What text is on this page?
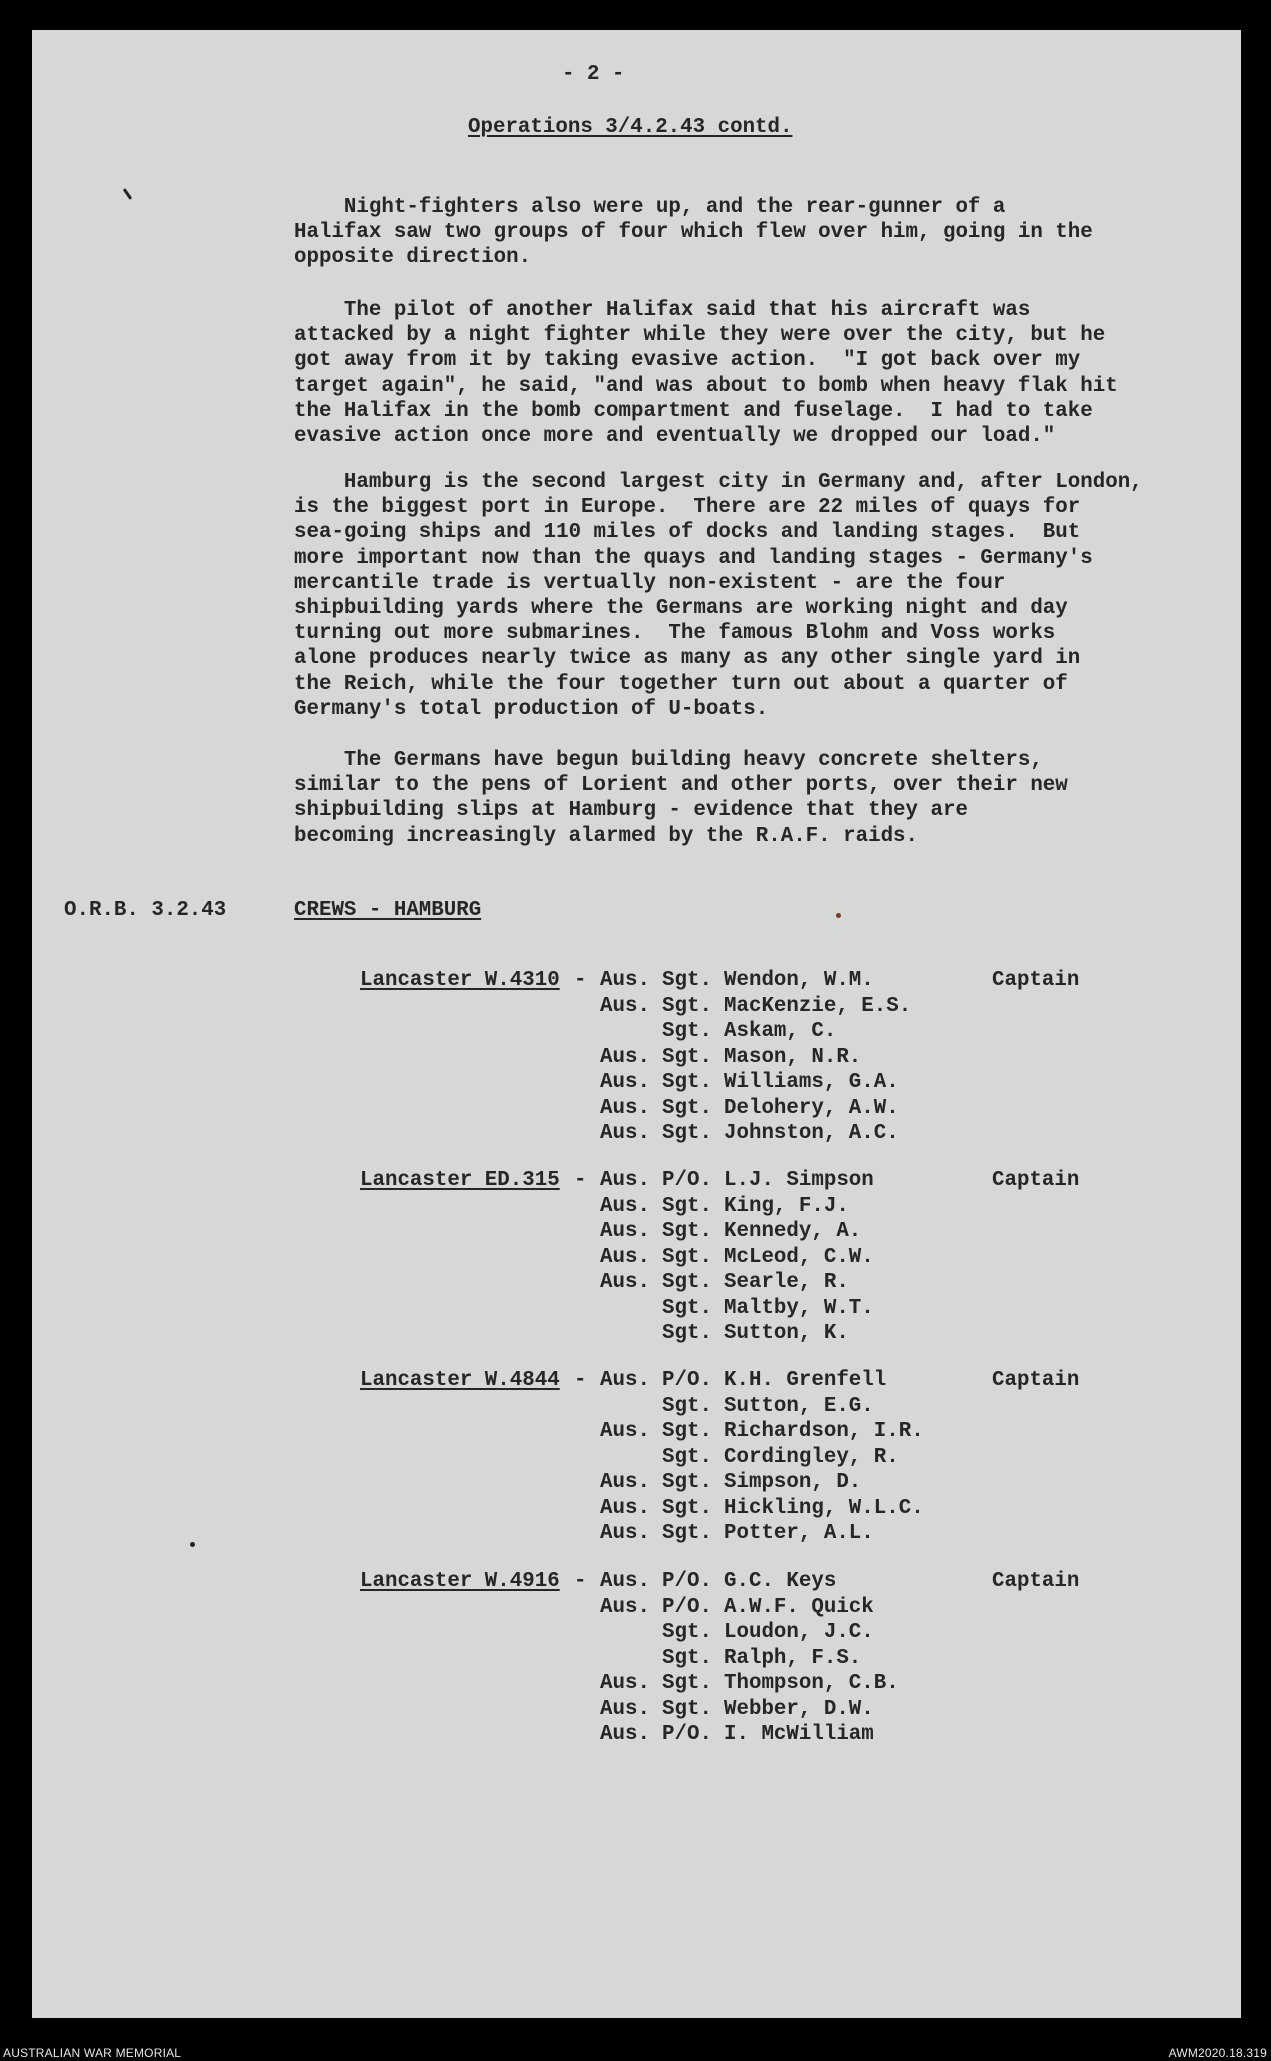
- 2 -
Operations 3/4.2.43 contd.
Night-fighters also were up, and the rear-gunner of a
Halifax saw two groups of four which flew over him, going in the
opposite direction.
The pilot of another Halifax said that his aircraft was
attacked by a night fighter while they were over the city, but he
got away from it by taking evasive action.  "I got back over my
target again", he said, "and was about to bomb when heavy flak hit
the Halifax in the bomb compartment and fuselage.  I had to take
evasive action once more and eventually we dropped our load."
Hamburg is the second largest city in Germany and, after London,
is the biggest port in Europe.  There are 22 miles of quays for
sea-going ships and 110 miles of docks and landing stages.  But
more important now than the quays and landing stages - Germany's
mercantile trade is vertually non-existent - are the four
shipbuilding yards where the Germans are working night and day
turning out more submarines.  The famous Blohm and Voss works
alone produces nearly twice as many as any other single yard in
the Reich, while the four together turn out about a quarter of
Germany's total production of U-boats.
The Germans have begun building heavy concrete shelters,
similar to the pens of Lorient and other ports, over their new
shipbuilding slips at Hamburg - evidence that they are
becoming increasingly alarmed by the R.A.F. raids.
O.R.B. 3.2.43	CREWS - HAMBURG
Lancaster W.4310 - Aus. Sgt. Wendon, W.M.	Captain
Aus. Sgt. MacKenzie, E.S.
Sgt. Askam, C.
Aus. Sgt. Mason, N.R.
Aus. Sgt. Williams, G.A.
Aus. Sgt. Delohery, A.W.
Aus. Sgt. Johnston, A.C.
Lancaster ED.315 - Aus. P/O. L.J. Simpson	Captain
Aus. Sgt. King, F.J.
Aus. Sgt. Kennedy, A.
Aus. Sgt. McLeod, C.W.
Aus. Sgt. Searle, R.
Sgt. Maltby, W.T.
Sgt. Sutton, K.
Lancaster W.4844 - Aus. P/O. K.H. Grenfell	Captain
Sgt. Sutton, E.G.
Aus. Sgt. Richardson, I.R.
Sgt. Cordingley, R.
Aus. Sgt. Simpson, D.
Aus. Sgt. Hickling, W.L.C.
Aus. Sgt. Potter, A.L.
Lancaster W.4916 - Aus. P/O. G.C. Keys	Captain
Aus. P/O. A.W.F. Quick
Sgt. Loudon, J.C.
Sgt. Ralph, F.S.
Aus. Sgt. Thompson, C.B.
Aus. Sgt. Webber, D.W.
Aus. P/O. I. McWilliam
AUSTRALIAN WAR MEMORIAL	AWM2020.18.319
